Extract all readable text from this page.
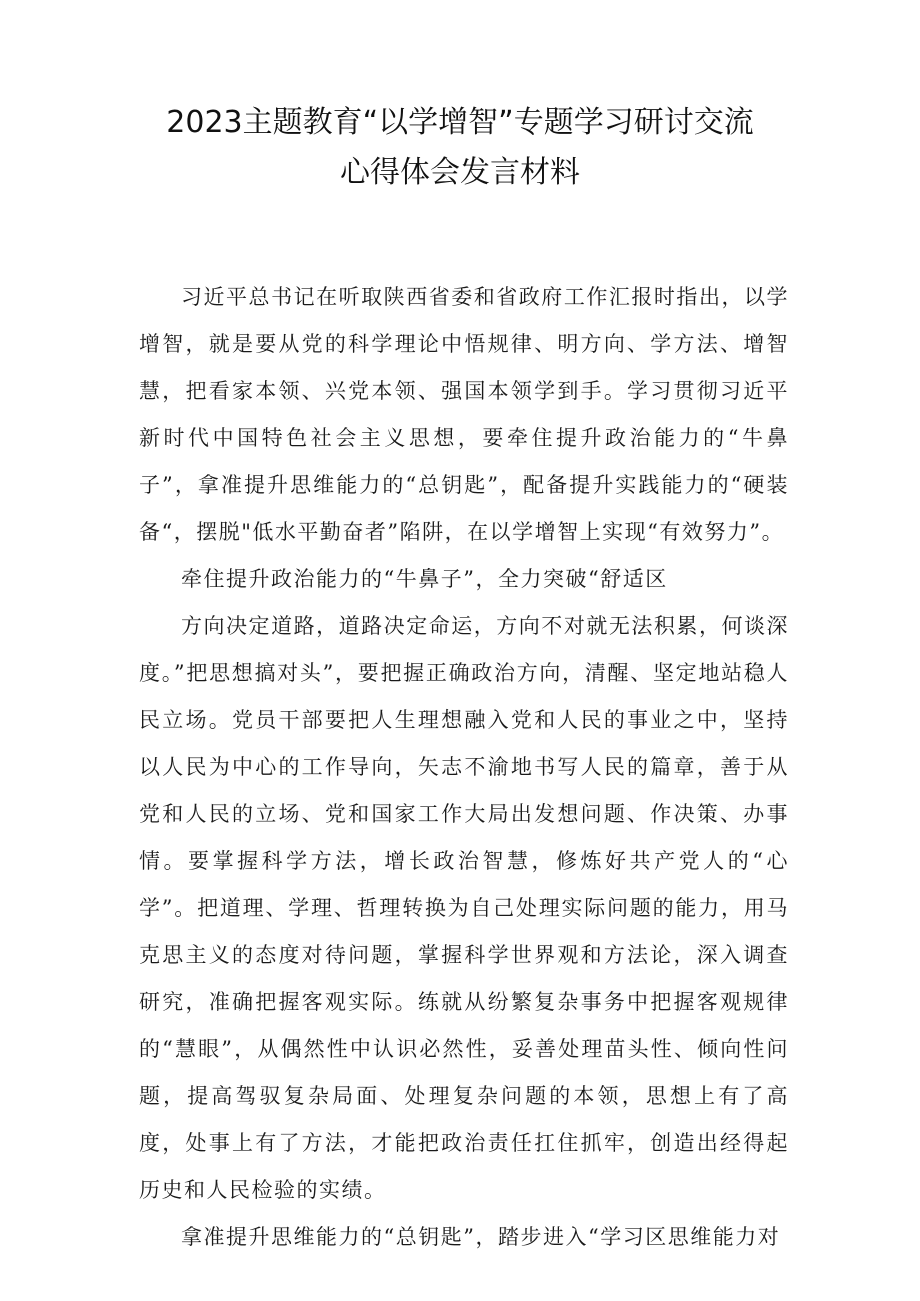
2023主题教育“以学增智”专题学习研讨交流
心得体会发言材料

习近平总书记在听取陕西省委和省政府工作汇报时指出，以学增智，就是要从党的科学理论中悟规律、明方向、学方法、增智慧，把看家本领、兴党本领、强国本领学到手。学习贯彻习近平新时代中国特色社会主义思想，要牵住提升政治能力的“牛鼻子”，拿准提升思维能力的“总钥匙”，配备提升实践能力的“硬装备“，摆脱"低水平勤奋者”陷阱，在以学增智上实现“有效努力”。

牵住提升政治能力的“牛鼻子”，全力突破“舒适区

方向决定道路，道路决定命运，方向不对就无法积累，何谈深度。”把思想搞对头”，要把握正确政治方向，清醒、坚定地站稳人民立场。党员干部要把人生理想融入党和人民的事业之中，坚持以人民为中心的工作导向，矢志不渝地书写人民的篇章，善于从党和人民的立场、党和国家工作大局出发想问题、作决策、办事情。要掌握科学方法，增长政治智慧，修炼好共产党人的“心学”。把道理、学理、哲理转换为自己处理实际问题的能力，用马克思主义的态度对待问题，掌握科学世界观和方法论，深入调查研究，准确把握客观实际。练就从纷繁复杂事务中把握客观规律的“慧眼”，从偶然性中认识必然性，妥善处理苗头性、倾向性问题，提高驾驭复杂局面、处理复杂问题的本领，思想上有了高度，处事上有了方法，才能把政治责任扛住抓牢，创造出经得起历史和人民检验的实绩。

拿准提升思维能力的“总钥匙”，踏步进入“学习区思维能力对
